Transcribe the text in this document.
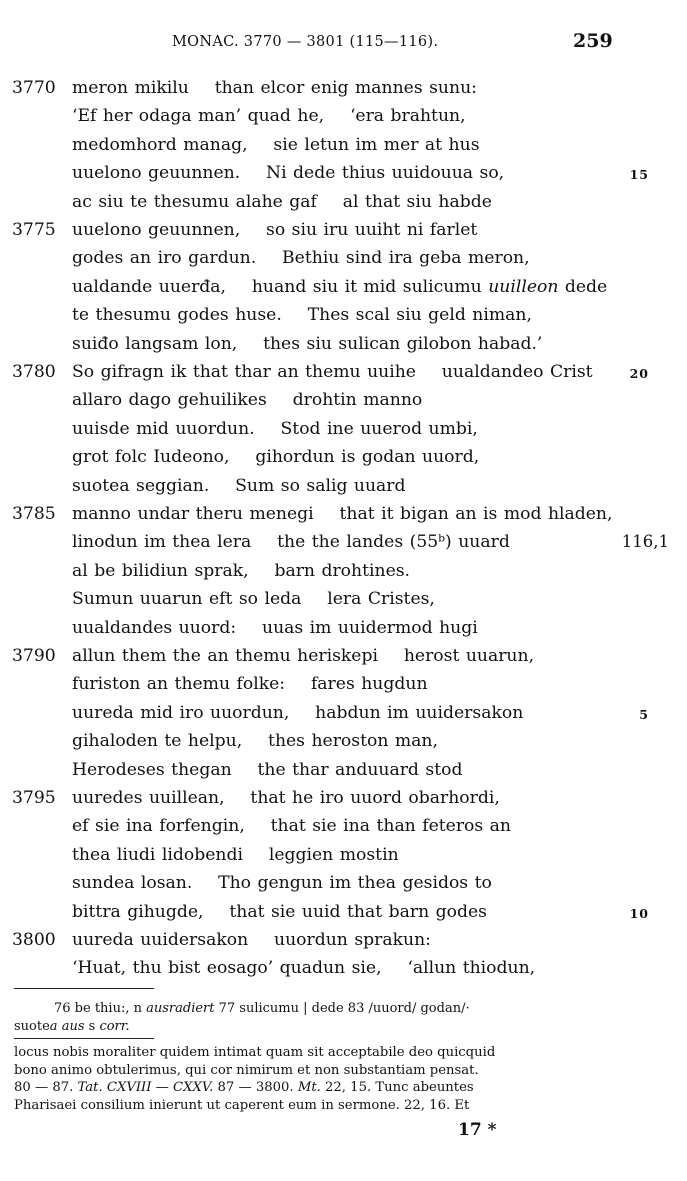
MONAC. 3770 — 3801 (115—116).	259
3770 meron mikilu    than elcor enig mannes sunu:
‘Ef her odaga man’ quad he,    ‘era brahtun,
medomhord manag,    sie letun im mer at hus
uuelono geuunnen.    Ni dede thius uuidouua so,	15
ac siu te thesumu alahe gaf    al that siu habde
3775 uuelono geuunnen,    so siu iru uuiht ni farlet
godes an iro gardun.    Bethiu sind ira geba meron,
ualdande uuerđa,    huand siu it mid sulicumu uuilleon dede
te thesumu godes huse.    Thes scal siu geld niman,
suiđo langsam lon,    thes siu sulican gilobon habad.’
3780 So gifragn ik that thar an themu uuihe    uualdandeo Crist	20
allaro dago gehuilikes    drohtin manno
uuisde mid uuordun.    Stod ine uuerod umbi,
grot folc Iudeono,    gihordun is godan uuord,
suotea seggian.    Sum so salig uuard
3785 manno undar theru menegi    that it bigan an is mod hladen,
linodun im thea lera    the the landes (55ᵇ) uuard	116,1
al be bilidiun sprak,    barn drohtines.
Sumun uuarun eft so leda    lera Cristes,
uualdandes uuord:    uuas im uuidermod hugi
3790 allun them the an themu heriskepi    herost uuarun,
furiston an themu folke:    fares hugdun
uureda mid iro uuordun,    habdun im uuidersakon	5
gihaloden te helpu,    thes heroston man,
Herodeses thegan    the thar anduuard stod
3795 uuredes uuillean,    that he iro uuord obarhordi,
ef sie ina forfengin,    that sie ina than feteros an
thea liudi lidobendi    leggien mostin
sundea losan.    Tho gengun im thea gesidos to
bittra gihugde,    that sie uuid that barn godes	10
3800 uureda uuidersakon    uuordun sprakun:
‘Huat, thu bist eosago’ quadun sie,    ‘allun thiodun,
76 be thiu:, n ausradiert 77 sulicumu | dede 83 /uuord/ godan/·
suotea aus s corr.
locus nobis moraliter quidem intimat quam sit acceptabile deo quicquid
bono animo obtulerimus, qui cor nimirum et non substantiam pensat.
80 — 87. Tat. CXVIII — CXXV. 87 — 3800. Mt. 22, 15. Tunc abeuntes
Pharisaei consilium inierunt ut caperent eum in sermone. 22, 16. Et
17 *
